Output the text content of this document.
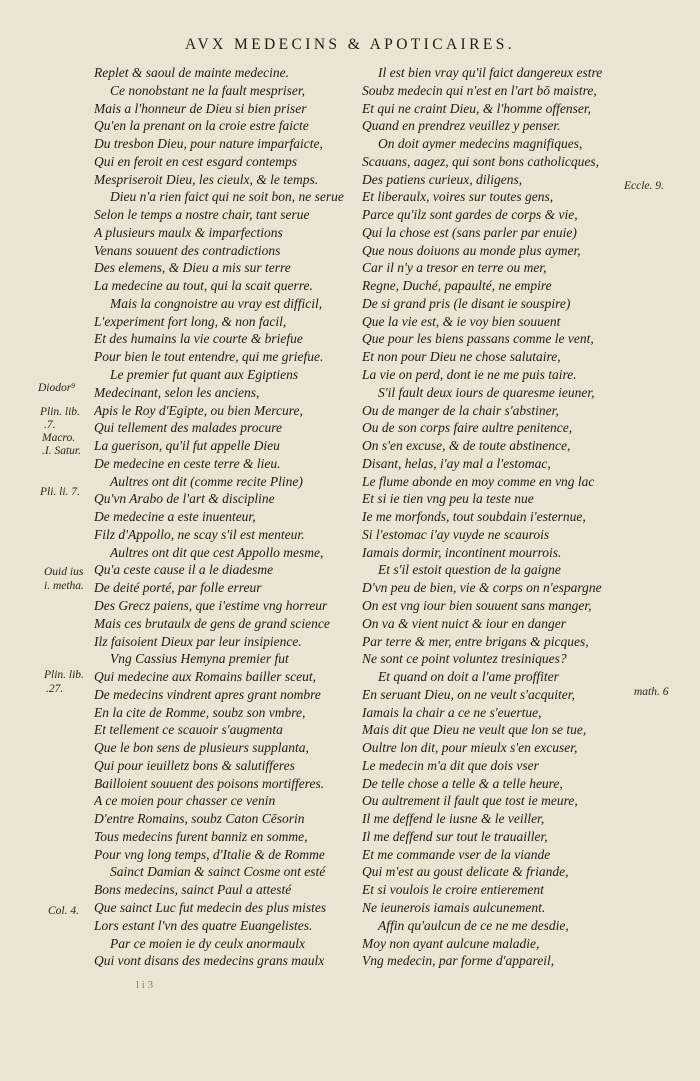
AVX MEDECINS & APOTICAIRES.
Replet & saoul de mainte medecine.
Ce nonobstant ne la fault mespriser,
Mais a l'honneur de Dieu si bien priser
Qu'en la prenant on la croie estre faicte
Du tresbon Dieu, pour nature imparfaicte,
Qui en feroit en cest esgard contemps
Mespriseroit Dieu, les cieulx, & le temps.
Dieu n'a rien faict qui ne soit bon, ne serue
Selon le temps a nostre chair, tant serue
A plusieurs maulx & imparfections
Venans souuent des contradictions
Des elemens, & Dieu a mis sur terre
La medecine au tout, qui la scait querre.
Mais la congnoistre au vray est difficil,
L'experiment fort long, & non facil,
Et des humains la vie courte & briefue
Pour bien le tout entendre, qui me griefue.
Le premier fut quant aux Egiptiens
Medecinant, selon les anciens,
Apis le Roy d'Egipte, ou bien Mercure,
Qui tellement des malades procure
La guerison, qu'il fut appelle Dieu
De medecine en ceste terre & lieu.
Aultres ont dit (comme recite Pline)
Qu'vn Arabo de l'art & discipline
De medecine a este inuenteur,
Filz d'Appollo, ne scay s'il est menteur.
Aultres ont dit que cest Appollo mesme,
Qu'a ceste cause il a le diadesme
De deité porté, par folle erreur
Des Grecz paiens, que i'estime vng horreur
Mais ces brutaulx de gens de grand science
Ilz faisoient Dieux par leur insipience.
Vng Cassius Hemyna premier fut
Qui medecine aux Romains bailler sceut,
De medecins vindrent apres grant nombre
En la cite de Romme, soubz son vmbre,
Et tellement ce scauoir s'augmenta
Que le bon sens de plusieurs supplanta,
Qui pour ieuilletz bons & salutifferes
Bailloient souuent des poisons mortifferes.
A ce moien pour chasser ce venin
D'entre Romains, soubz Caton Cēsorin
Tous medecins furent banniz en somme,
Pour vng long temps, d'Italie & de Romme
Sainct Damian & sainct Cosme ont esté
Bons medecins, sainct Paul a attesté
Que sainct Luc fut medecin des plus mistes
Lors estant l'vn des quatre Euangelistes.
Par ce moien ie dy ceulx anormaulx
Qui vont disans des medecins grans maulx
Il est bien vray qu'il faict dangereux estre
Soubz medecin qui n'est en l'art bō maistre,
Et qui ne craint Dieu, & l'homme offenser,
Quand en prendrez veuillez y penser.
On doit aymer medecins magnifiques,
Scauans, aagez, qui sont bons catholicques,
Des patiens curieux, diligens,
Et liberaulx, voires sur toutes gens,
Parce qu'ilz sont gardes de corps & vie,
Qui la chose est (sans parler par enuie)
Que nous doiuons au monde plus aymer,
Car il n'y a tresor en terre ou mer,
Regne, Duché, papaulté, ne empire
De si grand pris (le disant ie souspire)
Que la vie est, & ie voy bien souuent
Que pour les biens passans comme le vent,
Et non pour Dieu ne chose salutaire,
La vie on perd, dont ie ne me puis taire.
S'il fault deux iours de quaresme ieuner,
Ou de manger de la chair s'abstiner,
Ou de son corps faire aultre penitence,
On s'en excuse, & de toute abstinence,
Disant, helas, i'ay mal a l'estomac,
Le flume abonde en moy comme en vng lac
Et si ie tien vng peu la teste nue
Ie me morfonds, tout soubdain i'esternue,
Si l'estomac i'ay vuyde ne scaurois
Iamais dormir, incontinent mourrois.
Et s'il estoit question de la gaigne
D'vn peu de bien, vie & corps on n'espargne
On est vng iour bien souuent sans manger,
On va & vient nuict & iour en danger
Par terre & mer, entre brigans & picques,
Ne sont ce point voluntez tresiniques?
Et quand on doit a l'ame proffiter
En seruant Dieu, on ne veult s'acquiter,
Iamais la chair a ce ne s'euertue,
Mais dit que Dieu ne veult que lon se tue,
Oultre lon dit, pour mieulx s'en excuser,
Le medecin m'a dit que dois vser
De telle chose a telle & a telle heure,
Ou aultrement il fault que tost ie meure,
Il me deffend le iusne & le veiller,
Il me deffend sur tout le trauailler,
Et me commande vser de la viande
Qui m'est au goust delicate & friande,
Et si voulois le croire entierement
Ne ieunerois iamais aulcunement.
Affin qu'aulcun de ce ne me desdie,
Moy non ayant aulcune maladie,
Vng medecin, par forme d'appareil,
Diodor⁹
Plin. lib.
.7.
Macro.
.I. Satur.
Pli. li. 7.
Ouid ius
i. metha.
Plin. lib.
.27.
Col. 4.
Eccle. 9.
math. 6
l i 3
